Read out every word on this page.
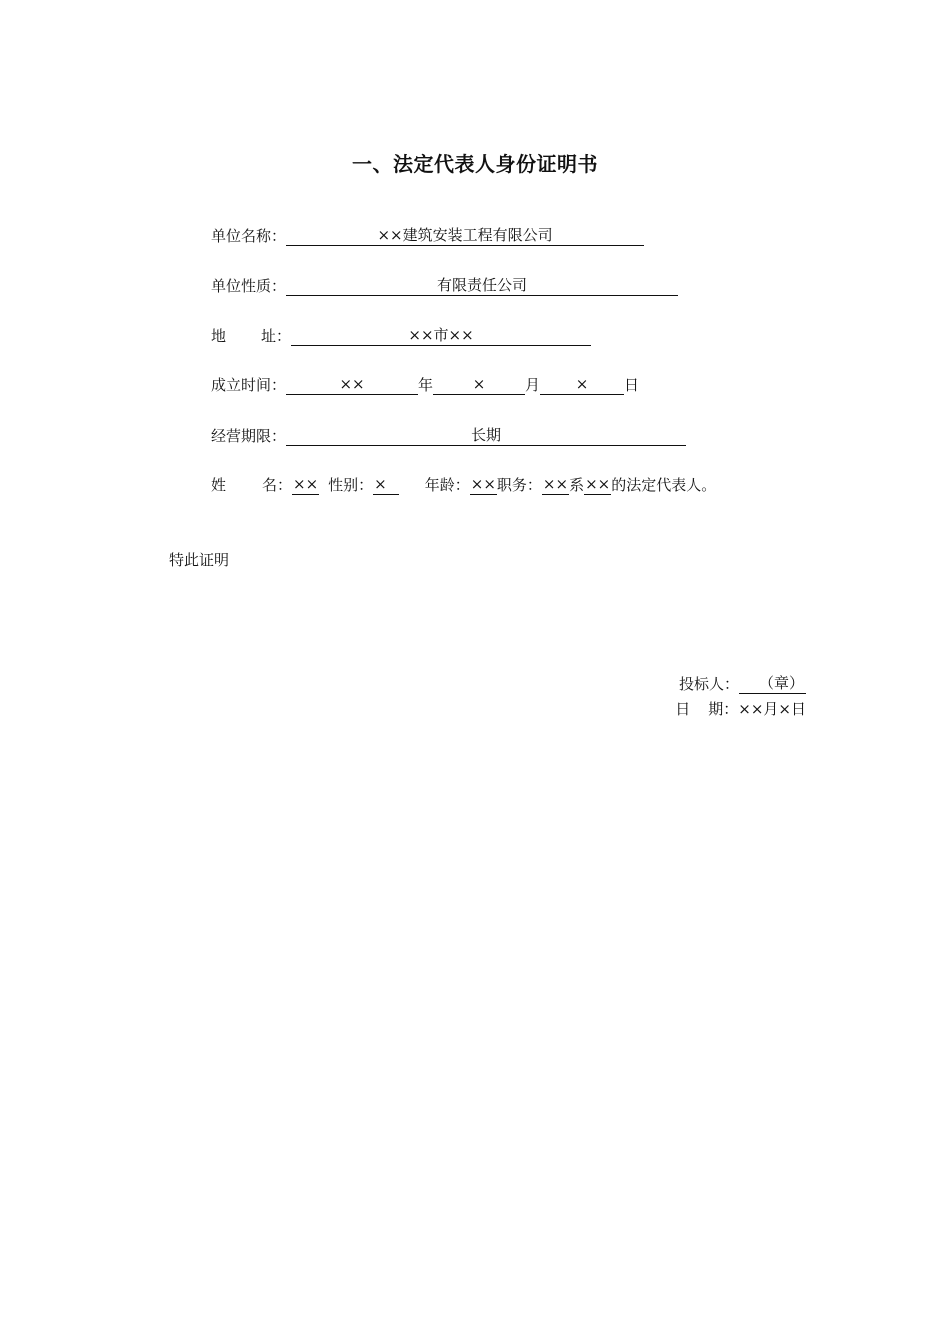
一、法定代表人身份证明书
单位名称：	××建筑安装工程有限公司
单位性质：	有限责任公司
地 址：	××市××
成立时间：	××	年	×	月 × 日
经营期限：	长期
姓 名：×× 性别：×	年龄：××职务：××系××的法定代表人。
特此证明
投标人： （章）
日 期：××月×日
